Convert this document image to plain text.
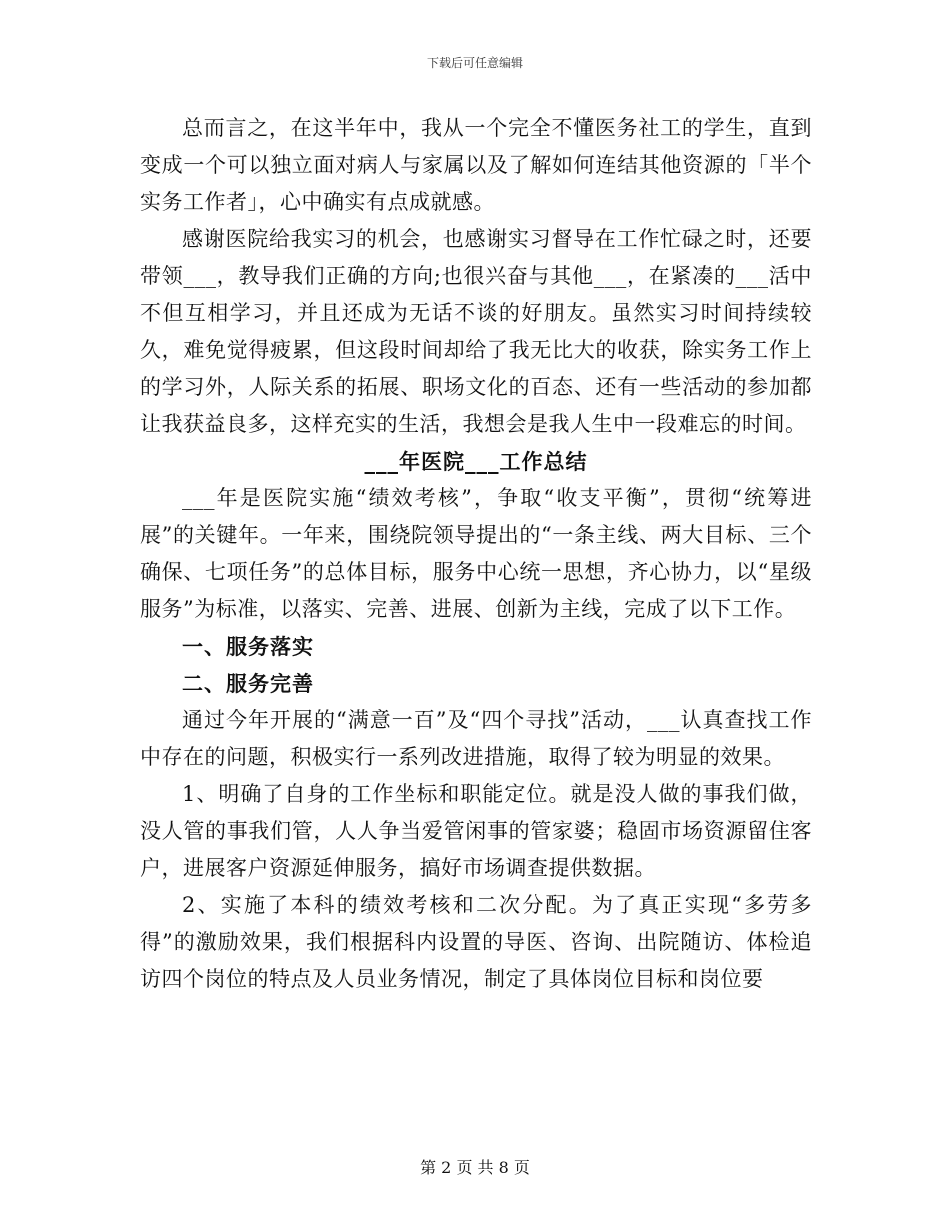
下载后可任意编辑

总而言之，在这半年中，我从一个完全不懂医务社工的学生，直到变成一个可以独立面对病人与家属以及了解如何连结其他资源的「半个实务工作者」，心中确实有点成就感。

感谢医院给我实习的机会，也感谢实习督导在工作忙碌之时，还要带领___，教导我们正确的方向;也很兴奋与其他___，在紧凑的___活中不但互相学习，并且还成为无话不谈的好朋友。虽然实习时间持续较久，难免觉得疲累，但这段时间却给了我无比大的收获，除实务工作上的学习外，人际关系的拓展、职场文化的百态、还有一些活动的参加都让我获益良多，这样充实的生活，我想会是我人生中一段难忘的时间。

___年医院___工作总结

___年是医院实施“绩效考核”，争取“收支平衡”，贯彻“统筹进展”的关键年。一年来，围绕院领导提出的“一条主线、两大目标、三个确保、七项任务”的总体目标，服务中心统一思想，齐心协力，以“星级服务”为标准，以落实、完善、进展、创新为主线，完成了以下工作。

一、服务落实

二、服务完善

通过今年开展的“满意一百”及“四个寻找”活动，___认真查找工作中存在的问题，积极实行一系列改进措施，取得了较为明显的效果。

1、明确了自身的工作坐标和职能定位。就是没人做的事我们做，没人管的事我们管，人人争当爱管闲事的管家婆；稳固市场资源留住客户，进展客户资源延伸服务，搞好市场调查提供数据。

2、实施了本科的绩效考核和二次分配。为了真正实现“多劳多得”的激励效果，我们根据科内设置的导医、咨询、出院随访、体检追访四个岗位的特点及人员业务情况，制定了具体岗位目标和岗位要

第 2 页 共 8 页
